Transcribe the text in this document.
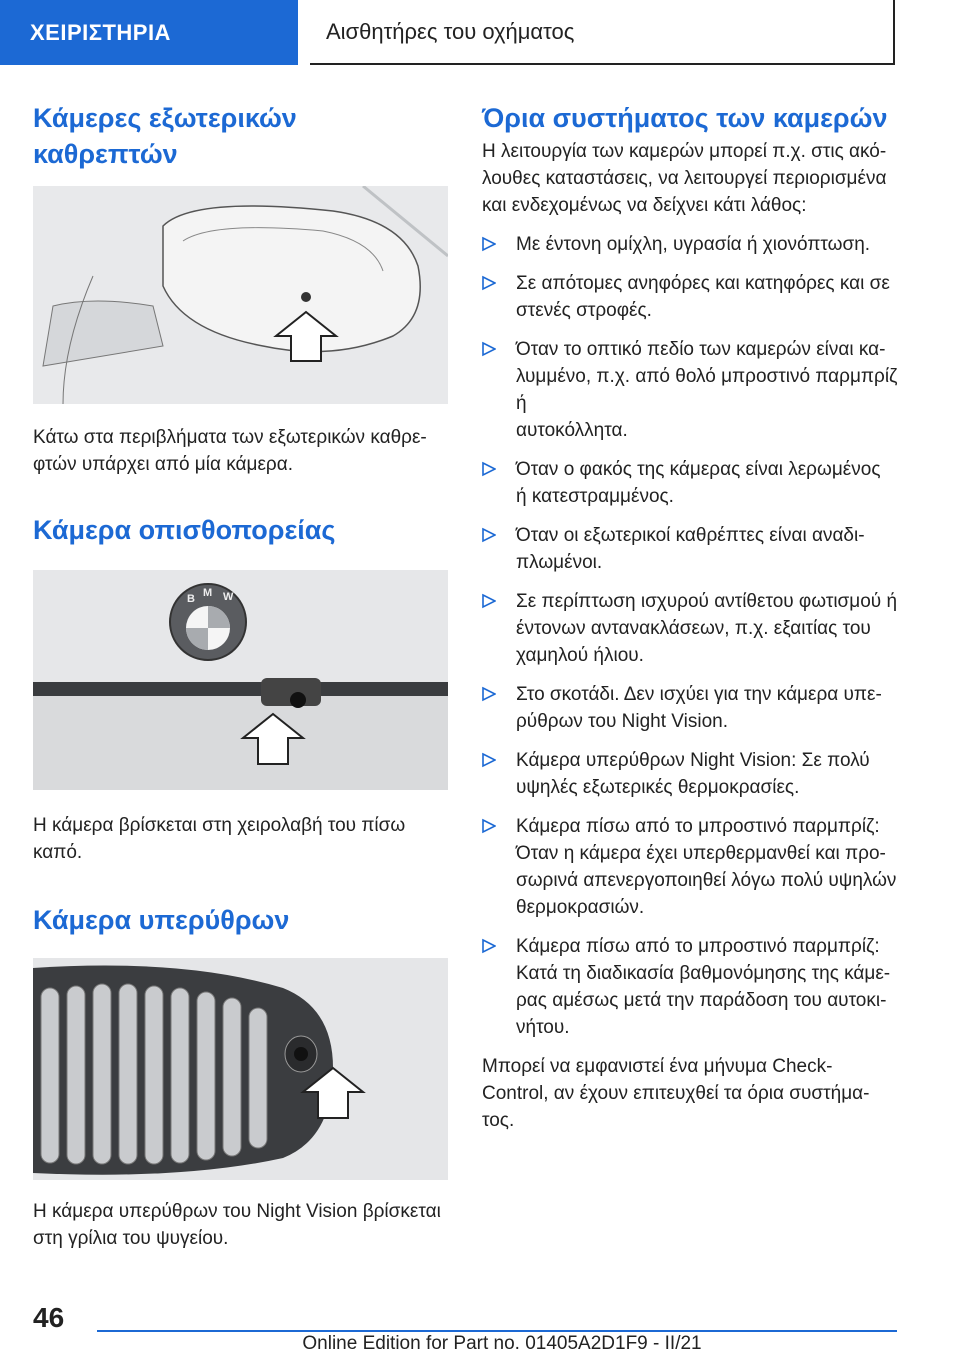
ΧΕΙΡΙΣΤΗΡΙΑ	Αισθητήρες του οχήματος
Κάμερες εξωτερικών καθρεπτών

Κάτω στα περιβλήματα των εξωτερικών καθρε-
φτών υπάρχει από μία κάμερα.

Κάμερα οπισθοπορείας
B M W

Η κάμερα βρίσκεται στη χειρολαβή του πίσω
καπό.

Κάμερα υπερύθρων

Η κάμερα υπερύθρων του Night Vision βρίσκεται
στη γρίλια του ψυγείου.

Όρια συστήματος των καμερών

Η λειτουργία των καμερών μπορεί π.χ. στις ακό-
λουθες καταστάσεις, να λειτουργεί περιορισμένα
και ενδεχομένως να δείχνει κάτι λάθος:

Με έντονη ομίχλη, υγρασία ή χιονόπτωση.
Σε απότομες ανηφόρες και κατηφόρες και σε
στενές στροφές.
Όταν το οπτικό πεδίο των καμερών είναι κα-
λυμμένο, π.χ. από θολό μπροστινό παρμπρίζ ή
αυτοκόλλητα.
Όταν ο φακός της κάμερας είναι λερωμένος
ή κατεστραμμένος.
Όταν οι εξωτερικοί καθρέπτες είναι αναδι-
πλωμένοι.
Σε περίπτωση ισχυρού αντίθετου φωτισμού ή
έντονων αντανακλάσεων, π.χ. εξαιτίας του
χαμηλού ήλιου.
Στο σκοτάδι. Δεν ισχύει για την κάμερα υπε-
ρύθρων του Night Vision.
Κάμερα υπερύθρων Night Vision: Σε πολύ
υψηλές εξωτερικές θερμοκρασίες.
Κάμερα πίσω από το μπροστινό παρμπρίζ:
Όταν η κάμερα έχει υπερθερμανθεί και προ-
σωρινά απενεργοποιηθεί λόγω πολύ υψηλών
θερμοκρασιών.
Κάμερα πίσω από το μπροστινό παρμπρίζ:
Κατά τη διαδικασία βαθμονόμησης της κάμε-
ρας αμέσως μετά την παράδοση του αυτοκι-
νήτου.

Μπορεί να εμφανιστεί ένα μήνυμα Check-
Control, αν έχουν επιτευχθεί τα όρια συστήμα-
τος.

46
Online Edition for Part no. 01405A2D1F9 - II/21
